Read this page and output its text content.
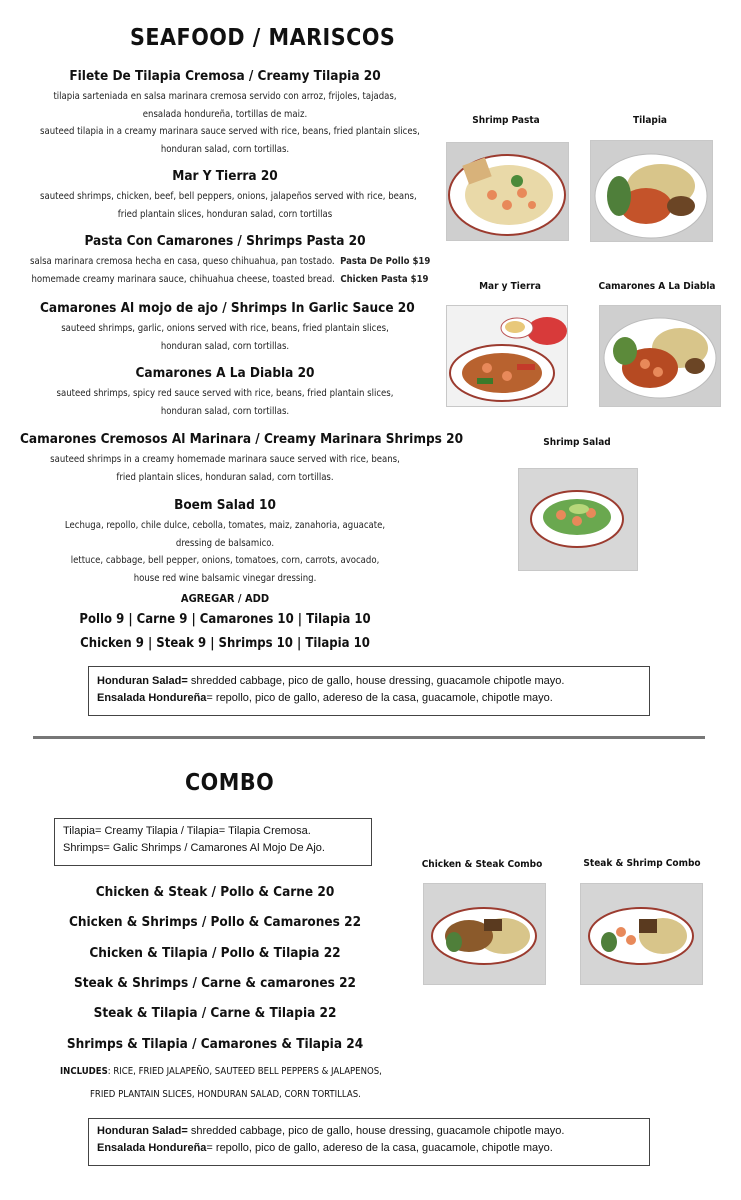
SEAFOOD / MARISCOS
Filete De Tilapia Cremosa / Creamy Tilapia 20
tilapia sarteniada en salsa marinara cremosa servido con arroz, frijoles, tajadas,
ensalada hondureña, tortillas de maiz.
sauteed tilapia in a creamy marinara sauce served with rice, beans, fried plantain slices,
honduran salad, corn tortillas.
Mar Y Tierra 20
sauteed shrimps, chicken, beef, bell peppers, onions, jalapeños served with rice, beans,
fried plantain slices, honduran salad, corn tortillas
Pasta Con Camarones / Shrimps Pasta 20
salsa marinara cremosa hecha en casa, queso chihuahua, pan tostado. Pasta De Pollo $19
homemade creamy marinara sauce, chihuahua cheese, toasted bread. Chicken Pasta $19
Camarones Al mojo de ajo / Shrimps In Garlic Sauce 20
sauteed shrimps, garlic, onions served with rice, beans, fried plantain slices,
honduran salad, corn tortillas.
Camarones A La Diabla 20
sauteed shrimps, spicy red sauce served with rice, beans, fried plantain slices,
honduran salad, corn tortillas.
Camarones Cremosos Al Marinara / Creamy Marinara Shrimps 20
sauteed shrimps in a creamy homemade marinara sauce served with rice, beans,
fried plantain slices, honduran salad, corn tortillas.
Boem Salad 10
Lechuga, repollo, chile dulce, cebolla, tomates, maiz, zanahoria, aguacate,
dressing de balsamico.
lettuce, cabbage, bell pepper, onions, tomatoes, corn, carrots, avocado,
house red wine balsamic vinegar dressing.
AGREGAR / ADD
Pollo 9 | Carne 9 | Camarones 10 | Tilapia 10
Chicken 9 | Steak 9 | Shrimps 10 | Tilapia 10
Honduran Salad= shredded cabbage, pico de gallo, house dressing, guacamole chipotle mayo.
Ensalada Hondureña= repollo, pico de gallo, adereso de la casa, guacamole, chipotle mayo.
Shrimp Pasta	Tilapia
Mar y Tierra	Camarones A La Diabla
Shrimp Salad
COMBO
Tilapia= Creamy Tilapia / Tilapia= Tilapia Cremosa.
Shrimps= Galic Shrimps / Camarones Al Mojo De Ajo.
Chicken & Steak / Pollo & Carne 20
Chicken & Shrimps / Pollo & Camarones 22
Chicken & Tilapia / Pollo & Tilapia 22
Steak & Shrimps / Carne & camarones 22
Steak & Tilapia / Carne & Tilapia 22
Shrimps & Tilapia / Camarones & Tilapia 24
INCLUDES: RICE, FRIED JALAPEÑO, SAUTEED BELL PEPPERS & JALAPENOS,
FRIED PLANTAIN SLICES, HONDURAN SALAD, CORN TORTILLAS.
Honduran Salad= shredded cabbage, pico de gallo, house dressing, guacamole chipotle mayo.
Ensalada Hondureña= repollo, pico de gallo, adereso de la casa, guacamole, chipotle mayo.
Chicken & Steak Combo	Steak & Shrimp Combo
